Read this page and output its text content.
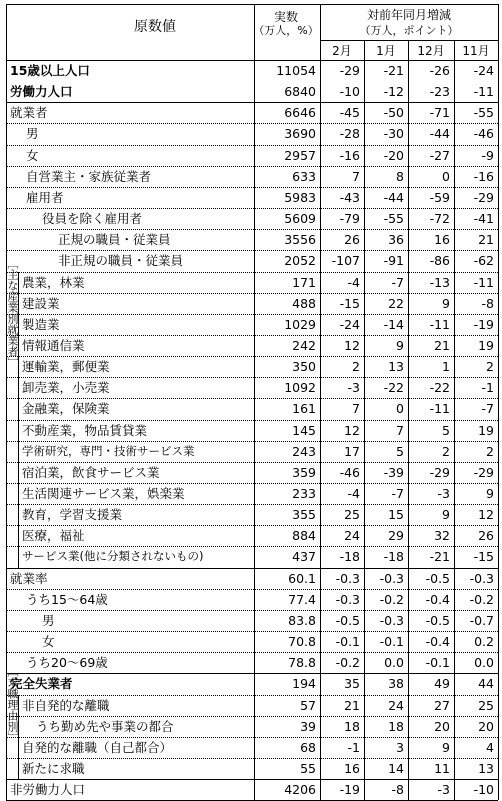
原数値
実数
（万人，%）
対前年同月増減
（万人，ポイント）
2月	1月	12月	11月
15歳以上人口	11054 -29 -21 -26 -24
労働力人口	6840 -10 -12 -23 -11
就業者	6646 -45 -50 -71 -55
男	3690 -28 -30 -44 -46
女	2957 -16 -20 -27	-9
自営業主・家族従業者	633	7	8	0 -16
雇用者	5983 -43 -44 -59 -29
役員を除く雇用者	5609 -79 -55 -72 -41
正規の職員・従業員	3556 26 36 16 21
非正規の職員・従業員	2052 -107 -91 -86 -62
農業，林業	171	-4	-7 -13 -11
建設業	488 -15 22	9	-8
製造業	1029 -24 -14 -11 -19
情報通信業	242 12	9 21 19
運輸業，郵便業	350	2 13	1	2
卸売業，小売業	1092	-3 -22 -22	-1
金融業，保険業	161	7	0 -11	-7
不動産業，物品賃貸業	145 12	7	5 19
学術研究，専門・技術サービス業	243 17	5	2	2
宿泊業，飲食サービス業	359 -46 -39 -29 -29
生活関連サービス業，娯楽業	233	-4	-7	-3	9
教育，学習支援業	355 25 15	9 12
医療，福祉	884 24 29 32 26
サービス業(他に分類されないもの)	437 -18 -18 -21 -15
就業率	60.1 -0.3 -0.3 -0.5 -0.3
うち15～64歳	77.4 -0.3 -0.2 -0.4 -0.2
男	83.8 -0.5 -0.3 -0.5 -0.7
女	70.8 -0.1 -0.1 -0.4 0.2
うち20～69歳	78.8 -0.2 0.0 -0.1 0.0
完全失業者	194 35 38 49 44
非自発的な離職	57 21 24 27 25
うち勤め先や事業の都合	39 18 18 20 20
自発的な離職（自己都合）	68	-1	3	9	4
新たに求職	55 16 14 11 13
非労働力人口	4206 -19	-8	-3 -10
［主な産業別就業者］
［求職理由別］
